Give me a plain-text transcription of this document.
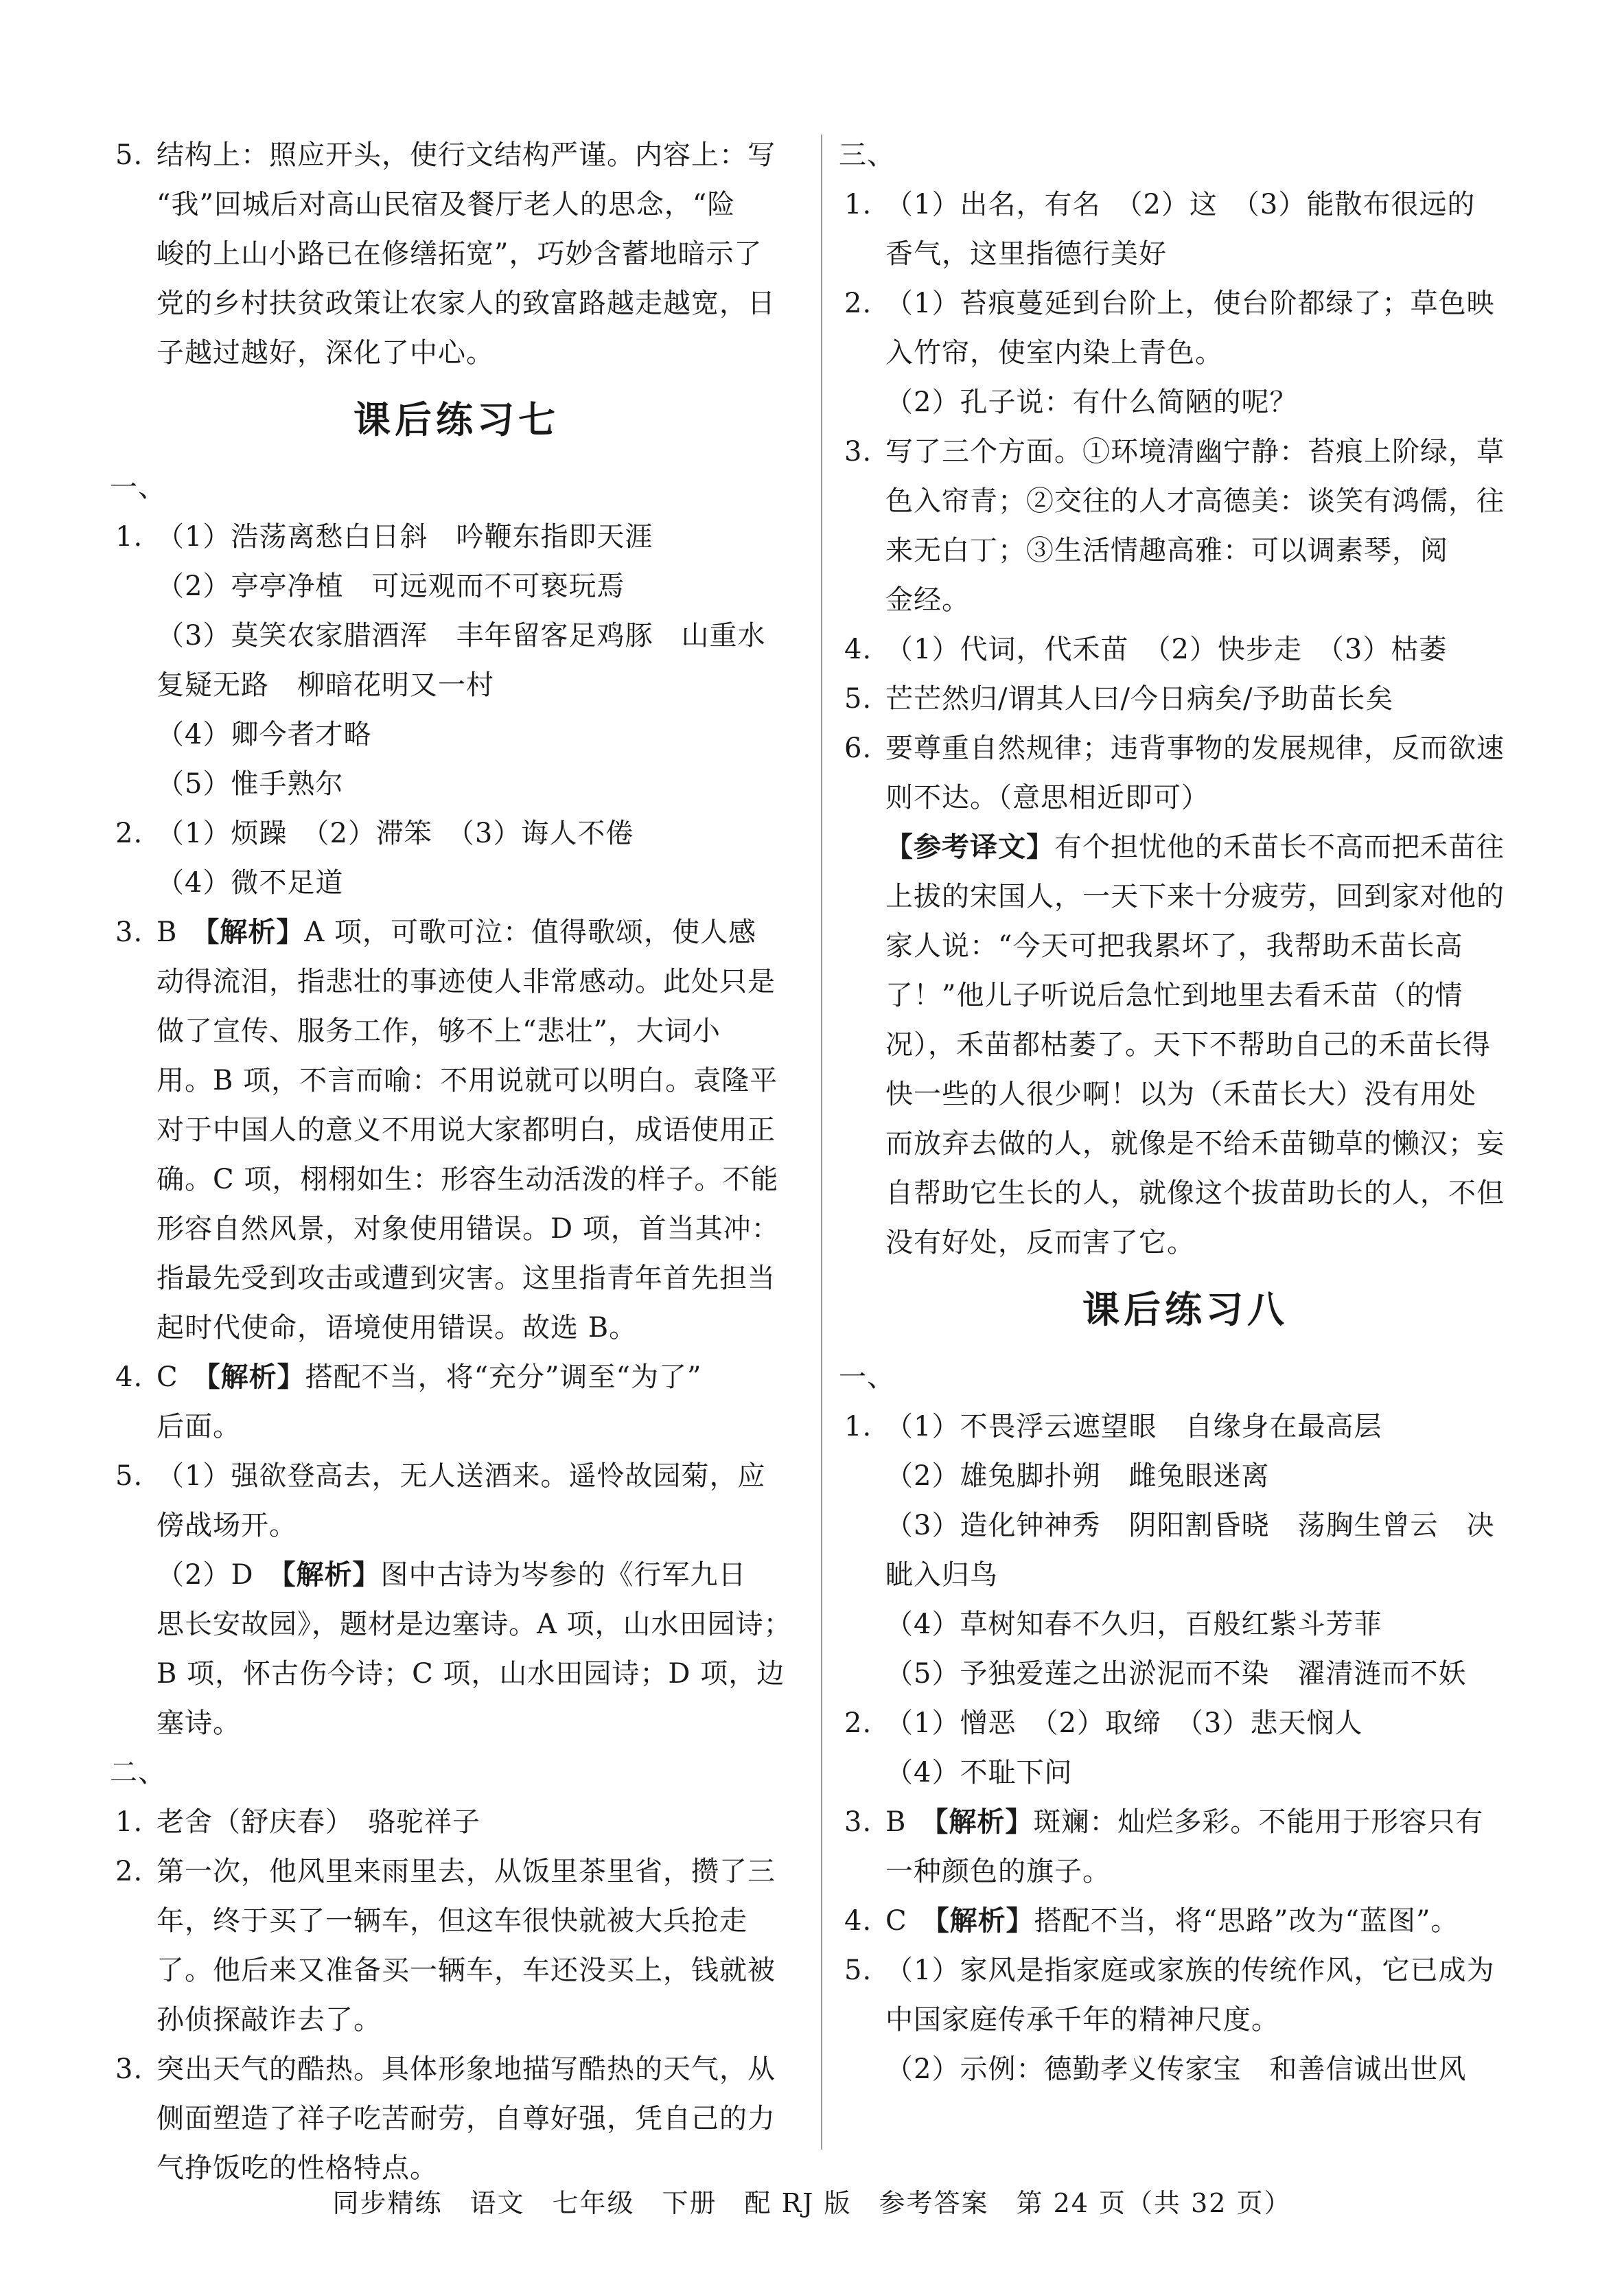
5. 结构上：照应开头，使行文结构严谨。内容上：写
“我”回城后对高山民宿及餐厅老人的思念，“险
峻的上山小路已在修缮拓宽”，巧妙含蓄地暗示了
党的乡村扶贫政策让农家人的致富路越走越宽，日
子越过越好，深化了中心。
课后练习七
一、
1. （1）浩荡离愁白日斜　吟鞭东指即天涯
（2）亭亭净植　可远观而不可亵玩焉
（3）莫笑农家腊酒浑　丰年留客足鸡豚　山重水
复疑无路　柳暗花明又一村
（4）卿今者才略
（5）惟手熟尔
2. （1）烦躁　（2）滞笨　（3）诲人不倦
（4）微不足道
3. B　【解析】A 项，可歌可泣：值得歌颂，使人感
动得流泪，指悲壮的事迹使人非常感动。此处只是
做了宣传、服务工作，够不上“悲壮”，大词小
用。B 项，不言而喻：不用说就可以明白。袁隆平
对于中国人的意义不用说大家都明白，成语使用正
确。C 项，栩栩如生：形容生动活泼的样子。不能
形容自然风景，对象使用错误。D 项，首当其冲：
指最先受到攻击或遭到灾害。这里指青年首先担当
起时代使命，语境使用错误。故选 B。
4. C　【解析】搭配不当，将“充分”调至“为了”
后面。
5. （1）强欲登高去，无人送酒来。遥怜故园菊，应
傍战场开。
（2）D　【解析】图中古诗为岑参的《行军九日
思长安故园》，题材是边塞诗。A 项，山水田园诗；
B 项，怀古伤今诗；C 项，山水田园诗；D 项，边
塞诗。
二、
1. 老舍（舒庆春）　骆驼祥子
2. 第一次，他风里来雨里去，从饭里茶里省，攒了三
年，终于买了一辆车，但这车很快就被大兵抢走
了。他后来又准备买一辆车，车还没买上，钱就被
孙侦探敲诈去了。
3. 突出天气的酷热。具体形象地描写酷热的天气，从
侧面塑造了祥子吃苦耐劳，自尊好强，凭自己的力
气挣饭吃的性格特点。
三、
1. （1）出名，有名　（2）这　（3）能散布很远的
香气，这里指德行美好
2. （1）苔痕蔓延到台阶上，使台阶都绿了；草色映
入竹帘，使室内染上青色。
（2）孔子说：有什么简陋的呢？
3. 写了三个方面。①环境清幽宁静：苔痕上阶绿，草
色入帘青；②交往的人才高德美：谈笑有鸿儒，往
来无白丁；③生活情趣高雅：可以调素琴，阅
金经。
4. （1）代词，代禾苗　（2）快步走　（3）枯萎
5. 芒芒然归/谓其人曰/今日病矣/予助苗长矣
6. 要尊重自然规律；违背事物的发展规律，反而欲速
则不达。（意思相近即可）
【参考译文】有个担忧他的禾苗长不高而把禾苗往
上拔的宋国人，一天下来十分疲劳，回到家对他的
家人说：“今天可把我累坏了，我帮助禾苗长高
了！”他儿子听说后急忙到地里去看禾苗（的情
况），禾苗都枯萎了。天下不帮助自己的禾苗长得
快一些的人很少啊！以为（禾苗长大）没有用处
而放弃去做的人，就像是不给禾苗锄草的懒汉；妄
自帮助它生长的人，就像这个拔苗助长的人，不但
没有好处，反而害了它。
课后练习八
一、
1. （1）不畏浮云遮望眼　自缘身在最高层
（2）雄兔脚扑朔　雌兔眼迷离
（3）造化钟神秀　阴阳割昏晓　荡胸生曾云　决
眦入归鸟
（4）草树知春不久归，百般红紫斗芳菲
（5）予独爱莲之出淤泥而不染　濯清涟而不妖
2. （1）憎恶　（2）取缔　（3）悲天悯人
（4）不耻下问
3. B　【解析】斑斓：灿烂多彩。不能用于形容只有
一种颜色的旗子。
4. C　【解析】搭配不当，将“思路”改为“蓝图”。
5. （1）家风是指家庭或家族的传统作风，它已成为
中国家庭传承千年的精神尺度。
（2）示例：德勤孝义传家宝　和善信诚出世风
同步精练　语文　七年级　下册　配 RJ 版　参考答案　第 24 页（共 32 页）
